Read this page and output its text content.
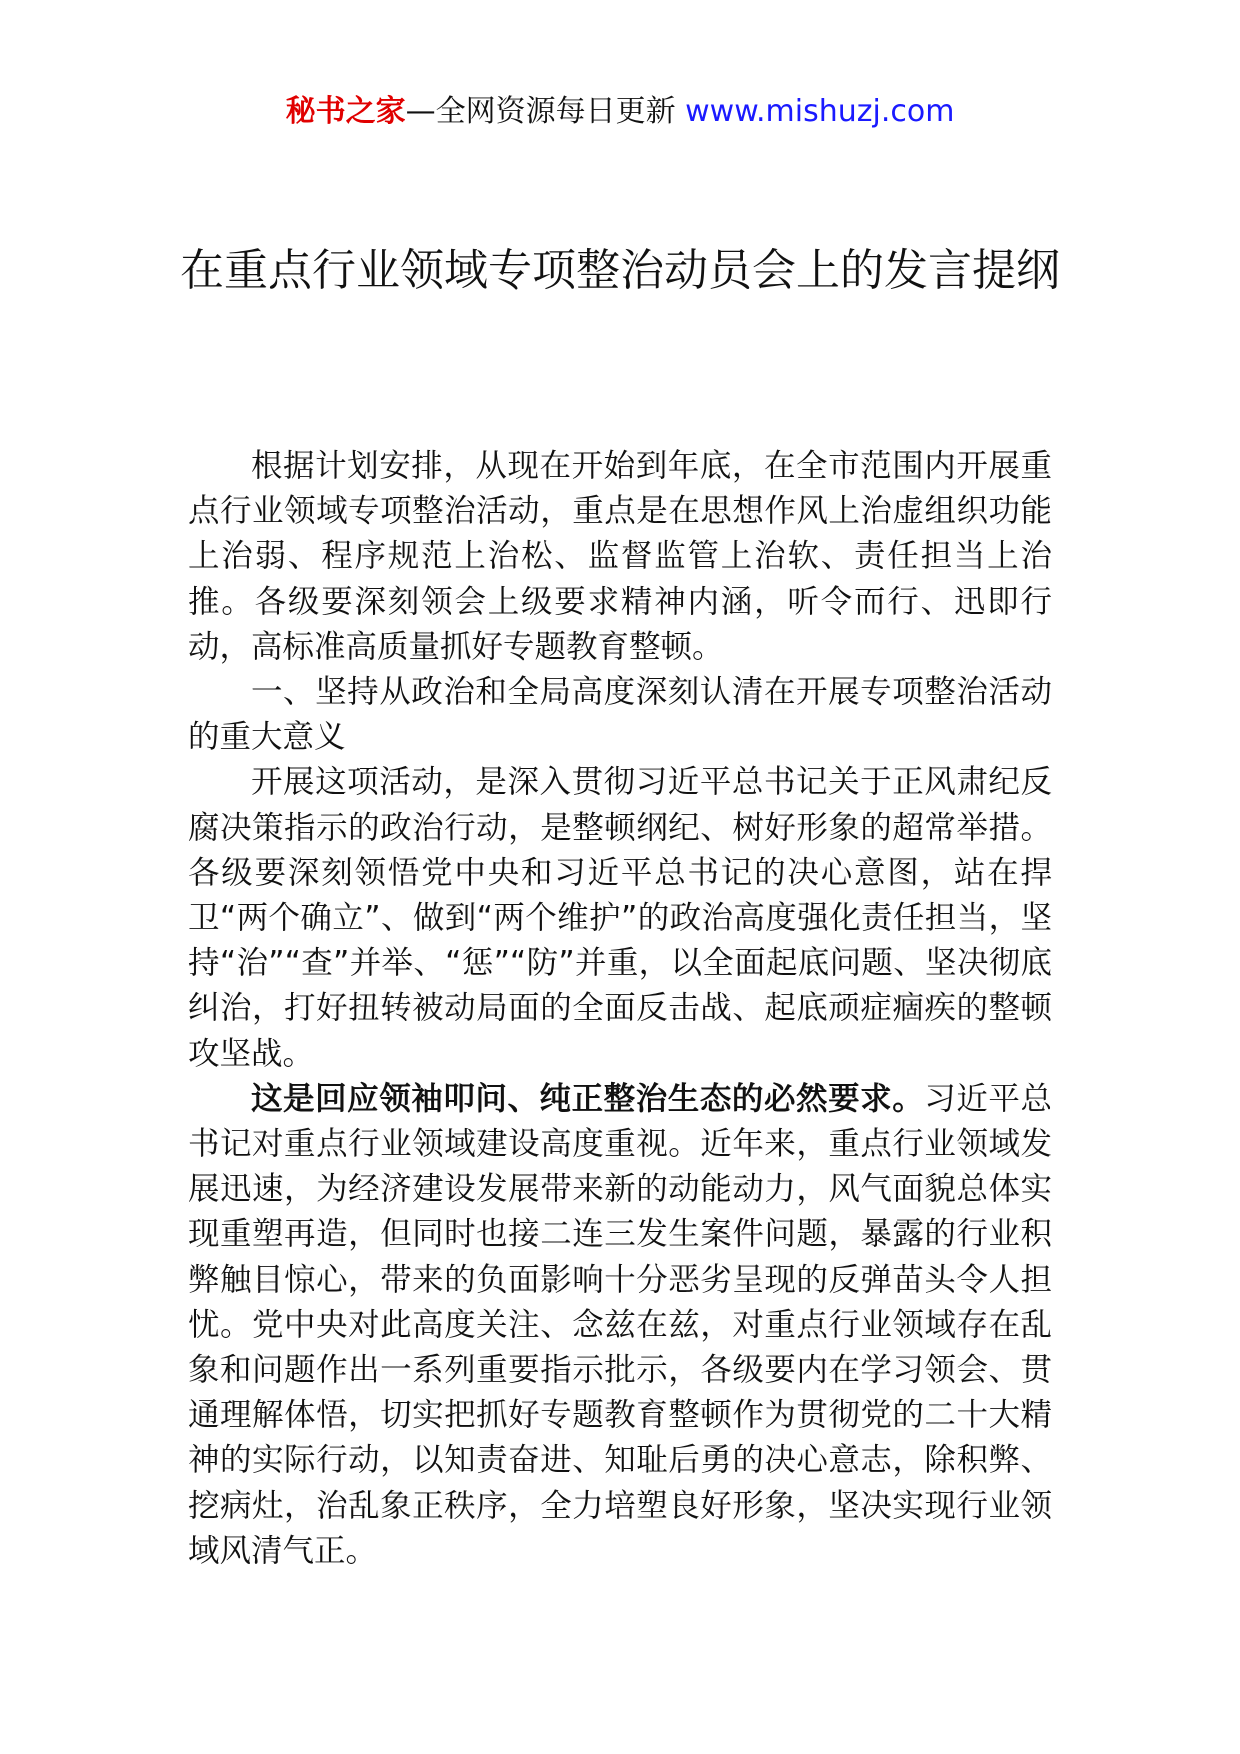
秘书之家—全网资源每日更新 www.mishuzj.com
在重点行业领域专项整治动员会上的发言提纲

根据计划安排，从现在开始到年底，在全市范围内开展重点行业领域专项整治活动，重点是在思想作风上治虚组织功能上治弱、程序规范上治松、监督监管上治软、责任担当上治推。各级要深刻领会上级要求精神内涵，听令而行、迅即行动，高标准高质量抓好专题教育整顿。

一、坚持从政治和全局高度深刻认清在开展专项整治活动的重大意义

开展这项活动，是深入贯彻习近平总书记关于正风肃纪反腐决策指示的政治行动，是整顿纲纪、树好形象的超常举措。各级要深刻领悟党中央和习近平总书记的决心意图，站在捍卫“两个确立”、做到“两个维护”的政治高度强化责任担当，坚持“治”“查”并举、“惩”“防”并重，以全面起底问题、坚决彻底纠治，打好扭转被动局面的全面反击战、起底顽症痼疾的整顿攻坚战。

这是回应领袖叩问、纯正整治生态的必然要求。习近平总书记对重点行业领域建设高度重视。近年来，重点行业领域发展迅速，为经济建设发展带来新的动能动力，风气面貌总体实现重塑再造，但同时也接二连三发生案件问题，暴露的行业积弊触目惊心，带来的负面影响十分恶劣呈现的反弹苗头令人担忧。党中央对此高度关注、念兹在兹，对重点行业领域存在乱象和问题作出一系列重要指示批示，各级要内在学习领会、贯通理解体悟，切实把抓好专题教育整顿作为贯彻党的二十大精神的实际行动，以知责奋进、知耻后勇的决心意志，除积弊、挖病灶，治乱象正秩序，全力培塑良好形象，坚决实现行业领域风清气正。
